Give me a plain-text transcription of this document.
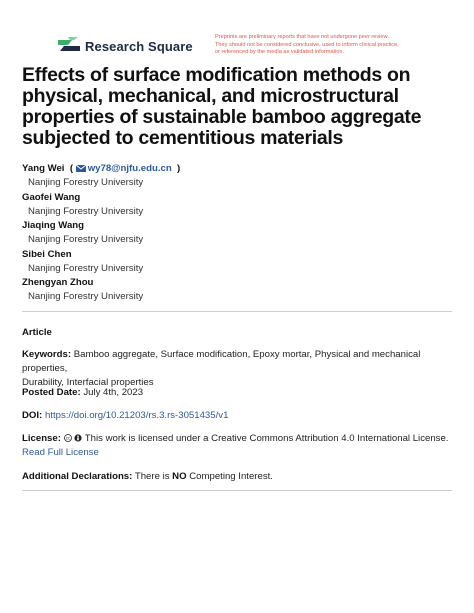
Research Square
Preprints are preliminary reports that have not undergone peer review.
They should not be considered conclusive, used to inform clinical practice,
or referenced by the media as validated information.
Effects of surface modification methods on
physical, mechanical, and microstructural
properties of sustainable bamboo aggregate
subjected to cementitious materials
Yang Wei  ( wy78@njfu.edu.cn  )
Nanjing Forestry University
Gaofei Wang
Nanjing Forestry University
Jiaqing Wang
Nanjing Forestry University
Sibei Chen
Nanjing Forestry University
Zhengyan Zhou
Nanjing Forestry University
Article
Keywords: Bamboo aggregate, Surface modification, Epoxy mortar, Physical and mechanical properties,
Durability, Interfacial properties
Posted Date: July 4th, 2023
DOI: https://doi.org/10.21203/rs.3.rs-3051435/v1
License: cc This work is licensed under a Creative Commons Attribution 4.0 International License.
Read Full License
Additional Declarations: There is NO Competing Interest.
